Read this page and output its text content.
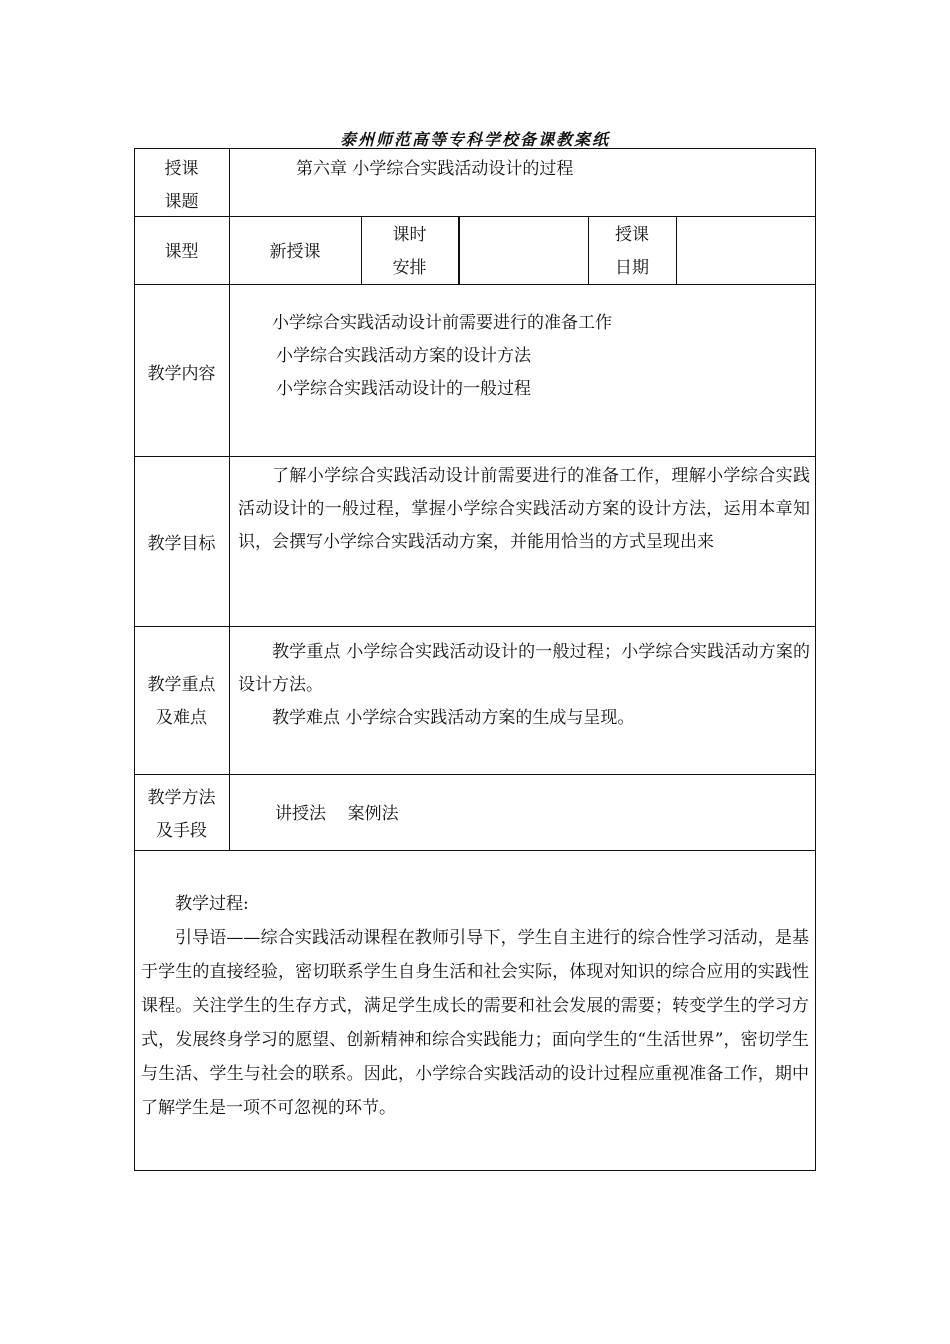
泰州师范高等专科学校备课教案纸
授课
课题
第六章 小学综合实践活动设计的过程
课型	新授课
课时
安排
授课
日期
教学内容

小学综合实践活动设计前需要进行的准备工作

小学综合实践活动方案的设计方法

小学综合实践活动设计的一般过程

教学目标
了解小学综合实践活动设计前需要进行的准备工作，理解小学综合实践活动设计的一般过程，掌握小学综合实践活动方案的设计方法，运用本章知识，会撰写小学综合实践活动方案，并能用恰当的方式呈现出来
教学重点
及难点

教学重点 小学综合实践活动设计的一般过程；小学综合实践活动方案的设计方法。

教学难点 小学综合实践活动方案的生成与呈现。

教学方法
及手段
讲授法    案例法

教学过程:

引导语——综合实践活动课程在教师引导下，学生自主进行的综合性学习活动，是基于学生的直接经验，密切联系学生自身生活和社会实际，体现对知识的综合应用的实践性课程。关注学生的生存方式，满足学生成长的需要和社会发展的需要；转变学生的学习方式，发展终身学习的愿望、创新精神和综合实践能力；面向学生的“生活世界”，密切学生与生活、学生与社会的联系。因此，小学综合实践活动的设计过程应重视准备工作，期中了解学生是一项不可忽视的环节。
